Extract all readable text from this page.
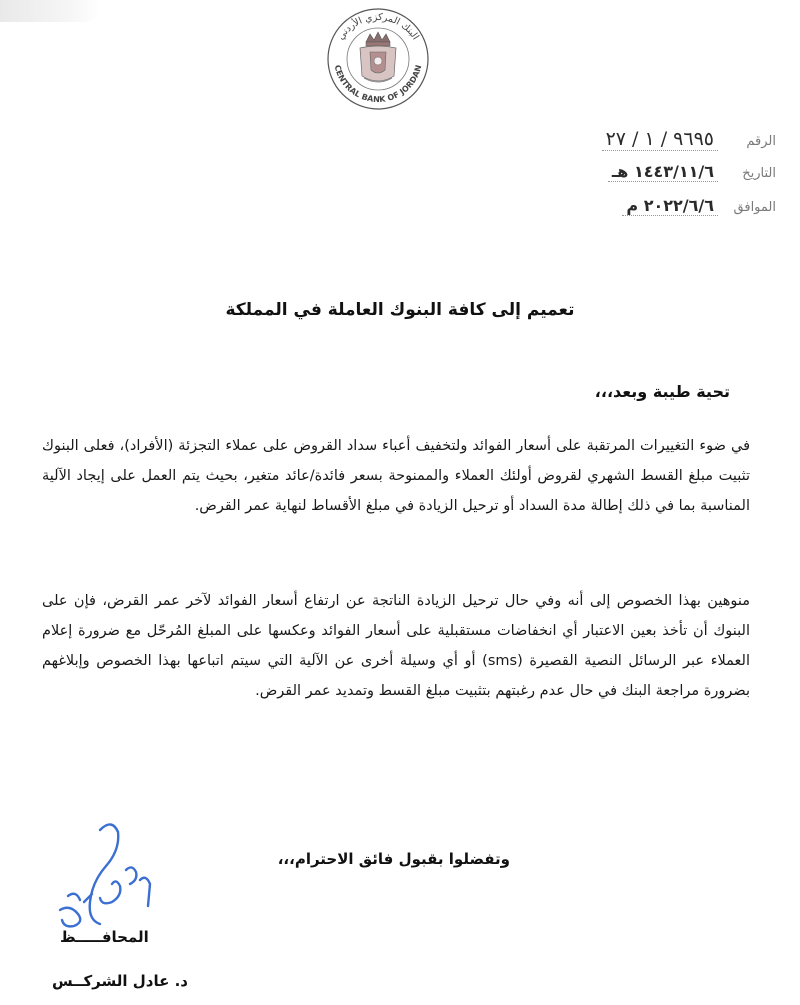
البنك المركزي الأردني
CENTRAL BANK OF JORDAN
الرقم
٩٦٩٥ / ١ / ٢٧
التاريخ
١٤٤٣/١١/٦ هـ
الموافق
٢٠٢٢/٦/٦ م
تعميم إلى كافة البنوك العاملة في المملكة
تحية طيبة وبعد،،،

في ضوء التغييرات المرتقبة على أسعار الفوائد ولتخفيف أعباء سداد القروض على عملاء التجزئة (الأفراد)، فعلى البنوك تثبيت مبلغ القسط الشهري لقروض أولئك العملاء والممنوحة بسعر فائدة/عائد متغير، بحيث يتم العمل على إيجاد الآلية المناسبة بما في ذلك إطالة مدة السداد أو ترحيل الزيادة في مبلغ الأقساط لنهاية عمر القرض.

منوهين بهذا الخصوص إلى أنه وفي حال ترحيل الزيادة الناتجة عن ارتفاع أسعار الفوائد لآخر عمر القرض، فإن على البنوك أن تأخذ بعين الاعتبار أي انخفاضات مستقبلية على أسعار الفوائد وعكسها على المبلغ المُرحّل مع ضرورة إعلام العملاء عبر الرسائل النصية القصيرة (sms) أو أي وسيلة أخرى عن الآلية التي سيتم اتباعها بهذا الخصوص وإبلاغهم بضرورة مراجعة البنك في حال عدم رغبتهم بتثبيت مبلغ القسط وتمديد عمر القرض.

وتفضلوا بقبول فائق الاحترام،،،
المحافـــــظ
د. عادل الشركــس
